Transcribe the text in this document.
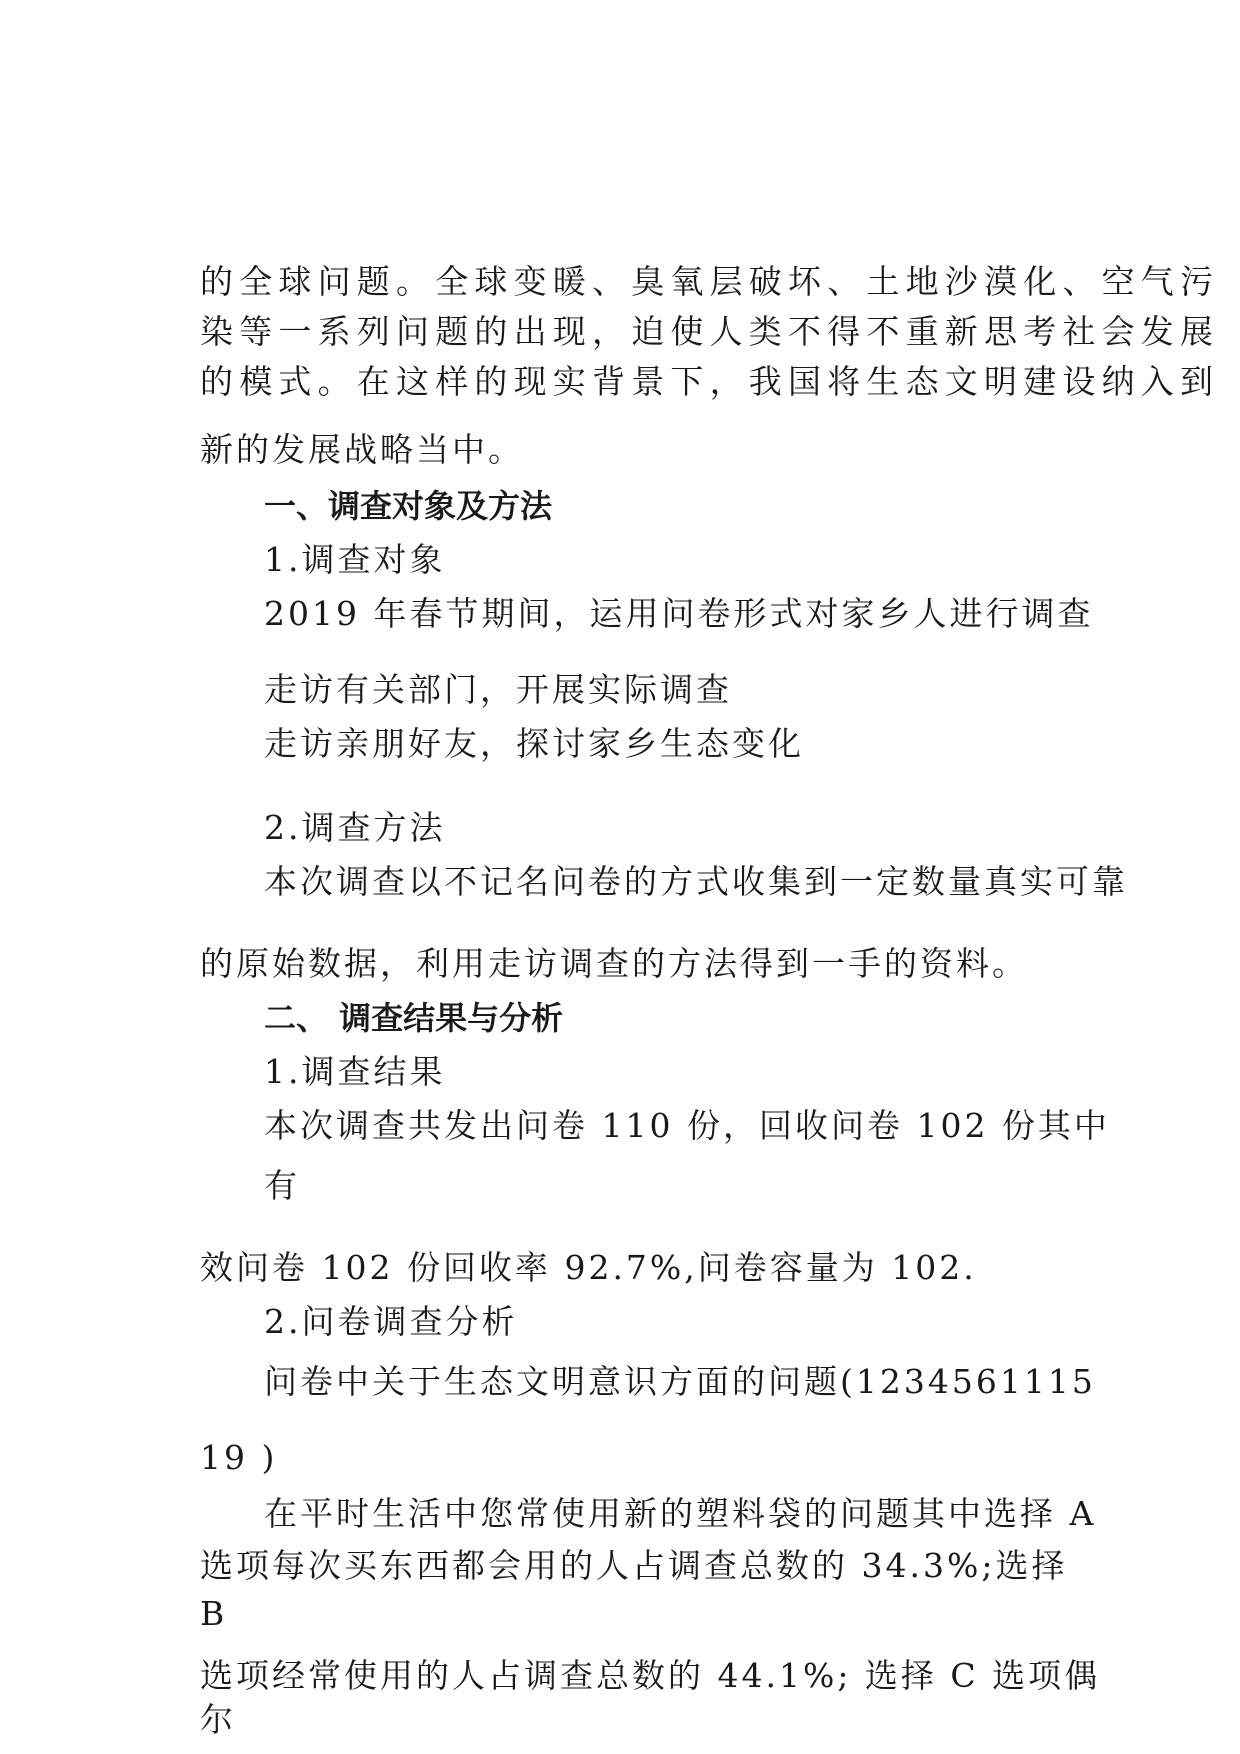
的全球问题。全球变暖、臭氧层破坏、土地沙漠化、空气污
染等一系列问题的出现，迫使人类不得不重新思考社会发展
的模式。在这样的现实背景下，我国将生态文明建设纳入到
新的发展战略当中。
一、调查对象及方法
1.调查对象
2019 年春节期间，运用问卷形式对家乡人进行调查
走访有关部门，开展实际调查
走访亲朋好友，探讨家乡生态变化
2.调查方法
本次调查以不记名问卷的方式收集到一定数量真实可靠
的原始数据，利用走访调查的方法得到一手的资料。
二、 调查结果与分析
1.调查结果
本次调查共发出问卷 110 份，回收问卷 102 份其中
有
效问卷 102 份回收率 92.7%,问卷容量为 102.
2.问卷调查分析
问卷中关于生态文明意识方面的问题(1234561115
19 )
在平时生活中您常使用新的塑料袋的问题其中选择 A
选项每次买东西都会用的人占调查总数的 34.3%;选择
B
选项经常使用的人占调查总数的 44.1%; 选择 C 选项偶
尔
